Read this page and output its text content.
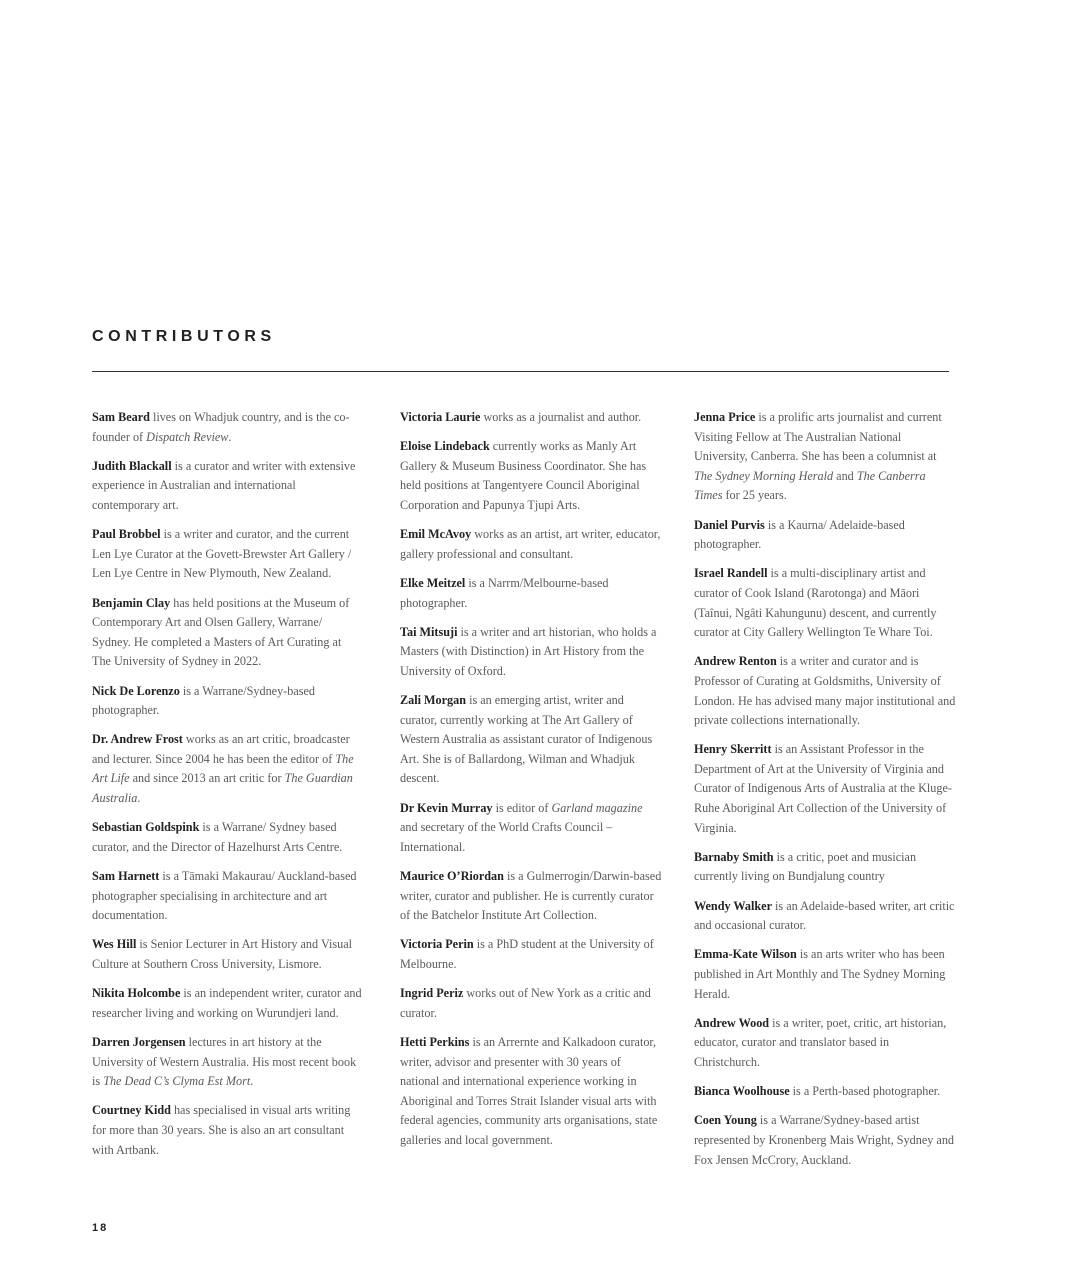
CONTRIBUTORS

Sam Beard lives on Whadjuk country, and is the co-founder of Dispatch Review.

Judith Blackall is a curator and writer with extensive experience in Australian and international contemporary art.

Paul Brobbel is a writer and curator, and the current Len Lye Curator at the Govett-Brewster Art Gallery / Len Lye Centre in New Plymouth, New Zealand.

Benjamin Clay has held positions at the Museum of Contemporary Art and Olsen Gallery, Warrane/ Sydney. He completed a Masters of Art Curating at The University of Sydney in 2022.

Nick De Lorenzo is a Warrane/Sydney-based photographer.

Dr. Andrew Frost works as an art critic, broadcaster and lecturer. Since 2004 he has been the editor of The Art Life and since 2013 an art critic for The Guardian Australia.

Sebastian Goldspink is a Warrane/ Sydney based curator, and the Director of Hazelhurst Arts Centre.

Sam Harnett is a Tāmaki Makaurau/ Auckland-based photographer specialising in architecture and art documentation.

Wes Hill is Senior Lecturer in Art History and Visual Culture at Southern Cross University, Lismore.

Nikita Holcombe is an independent writer, curator and researcher living and working on Wurundjeri land.

Darren Jorgensen lectures in art history at the University of Western Australia. His most recent book is The Dead C’s Clyma Est Mort.

Courtney Kidd has specialised in visual arts writing for more than 30 years. She is also an art consultant with Artbank.

Victoria Laurie works as a journalist and author.

Eloise Lindeback currently works as Manly Art Gallery & Museum Business Coordinator. She has held positions at Tangentyere Council Aboriginal Corporation and Papunya Tjupi Arts.

Emil McAvoy works as an artist, art writer, educator, gallery professional and consultant.

Elke Meitzel is a Narrm/Melbourne-based photographer.

Tai Mitsuji is a writer and art historian, who holds a Masters (with Distinction) in Art History from the University of Oxford.

Zali Morgan is an emerging artist, writer and curator, currently working at The Art Gallery of Western Australia as assistant curator of Indigenous Art. She is of Ballardong, Wilman and Whadjuk descent.

Dr Kevin Murray is editor of Garland magazine and secretary of the World Crafts Council – International.

Maurice O’Riordan is a Gulmerrogin/Darwin-based writer, curator and publisher. He is currently curator of the Batchelor Institute Art Collection.

Victoria Perin is a PhD student at the University of Melbourne.

Ingrid Periz works out of New York as a critic and curator.

Hetti Perkins is an Arrernte and Kalkadoon curator, writer, advisor and presenter with 30 years of national and international experience working in Aboriginal and Torres Strait Islander visual arts with federal agencies, community arts organisations, state galleries and local government.

Jenna Price is a prolific arts journalist and current Visiting Fellow at The Australian National University, Canberra. She has been a columnist at The Sydney Morning Herald and The Canberra Times for 25 years.

Daniel Purvis is a Kaurna/ Adelaide-based photographer.

Israel Randell is a multi-disciplinary artist and curator of Cook Island (Rarotonga) and Māori (Taînui, Ngâti Kahungunu) descent, and currently curator at City Gallery Wellington Te Whare Toi.

Andrew Renton is a writer and curator and is Professor of Curating at Goldsmiths, University of London. He has advised many major institutional and private collections internationally.

Henry Skerritt is an Assistant Professor in the Department of Art at the University of Virginia and Curator of Indigenous Arts of Australia at the Kluge-Ruhe Aboriginal Art Collection of the University of Virginia.

Barnaby Smith is a critic, poet and musician currently living on Bundjalung country

Wendy Walker is an Adelaide-based writer, art critic and occasional curator.

Emma-Kate Wilson is an arts writer who has been published in Art Monthly and The Sydney Morning Herald.

Andrew Wood is a writer, poet, critic, art historian, educator, curator and translator based in Christchurch.

Bianca Woolhouse is a Perth-based photographer.

Coen Young is a Warrane/Sydney-based artist represented by Kronenberg Mais Wright, Sydney and Fox Jensen McCrory, Auckland.

18
